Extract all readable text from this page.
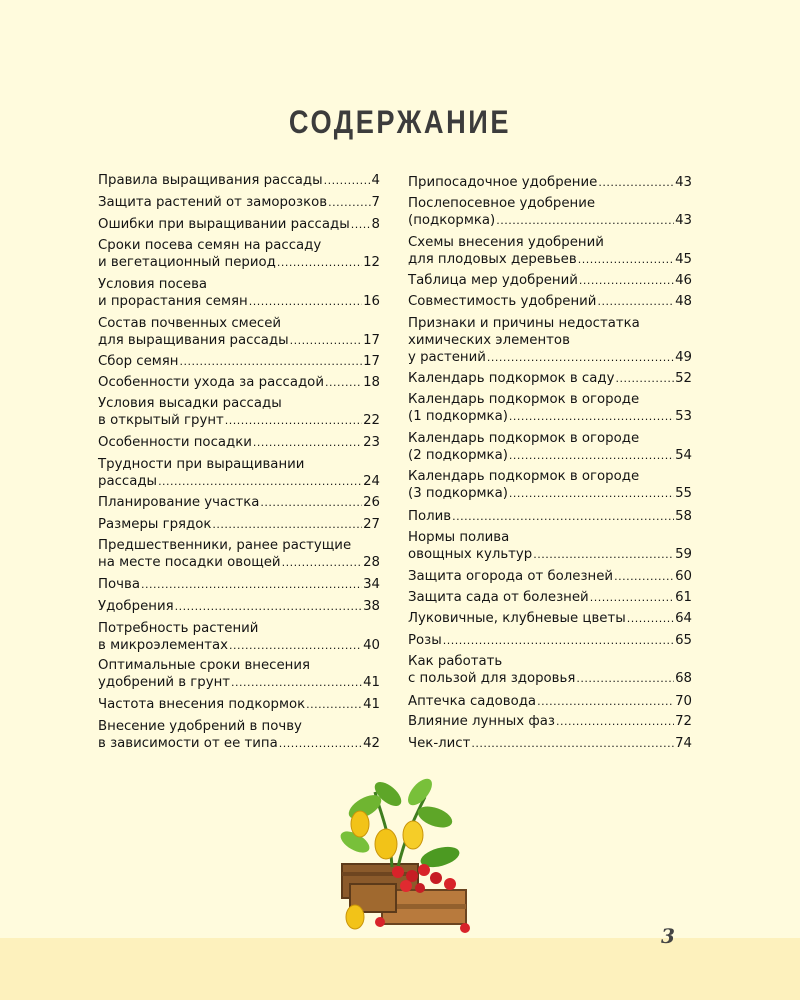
СОДЕРЖАНИЕ
Правила выращивания рассады .....	4
Защита растений от заморозков .....	7
Ошибки при выращивании рассады ..... 8
Сроки посева семян на рассаду
и вегетационный период .....	12
Условия посева
и прорастания семян .....	16
Состав почвенных смесей
для выращивания рассады .....	17
Сбор семян .....	17
Особенности ухода за рассадой .....	18
Условия высадки рассады
в открытый грунт .....	22
Особенности посадки .....	23
Трудности при выращивании
рассады .....	24
Планирование участка .....	26
Размеры грядок .....	27
Предшественники, ранее растущие
на месте посадки овощей .....	28
Почва .....	34
Удобрения .....	38
Потребность растений
в микроэлементах .....	40
Оптимальные сроки внесения
удобрений в грунт .....	41
Частота внесения подкормок .....	41
Внесение удобрений в почву
в зависимости от ее типа .....	42
Припосадочное удобрение .....	43
Послепосевное удобрение
(подкормка) .....	43
Схемы внесения удобрений
для плодовых деревьев .....	45
Таблица мер удобрений .....	46
Совместимость удобрений .....	48
Признаки и причины недостатка
химических элементов
у растений .....	49
Календарь подкормок в саду .....	52
Календарь подкормок в огороде
(1 подкормка) .....	53
Календарь подкормок в огороде
(2 подкормка) .....	54
Календарь подкормок в огороде
(3 подкормка) .....	55
Полив .....	58
Нормы полива
овощных культур .....	59
Защита огорода от болезней .....	60
Защита сада от болезней .....	61
Луковичные, клубневые цветы .....	64
Розы .....	65
Как работать
с пользой для здоровья .....	68
Аптечка садовода .....	70
Влияние лунных фаз .....	72
Чек-лист .....	74
3
